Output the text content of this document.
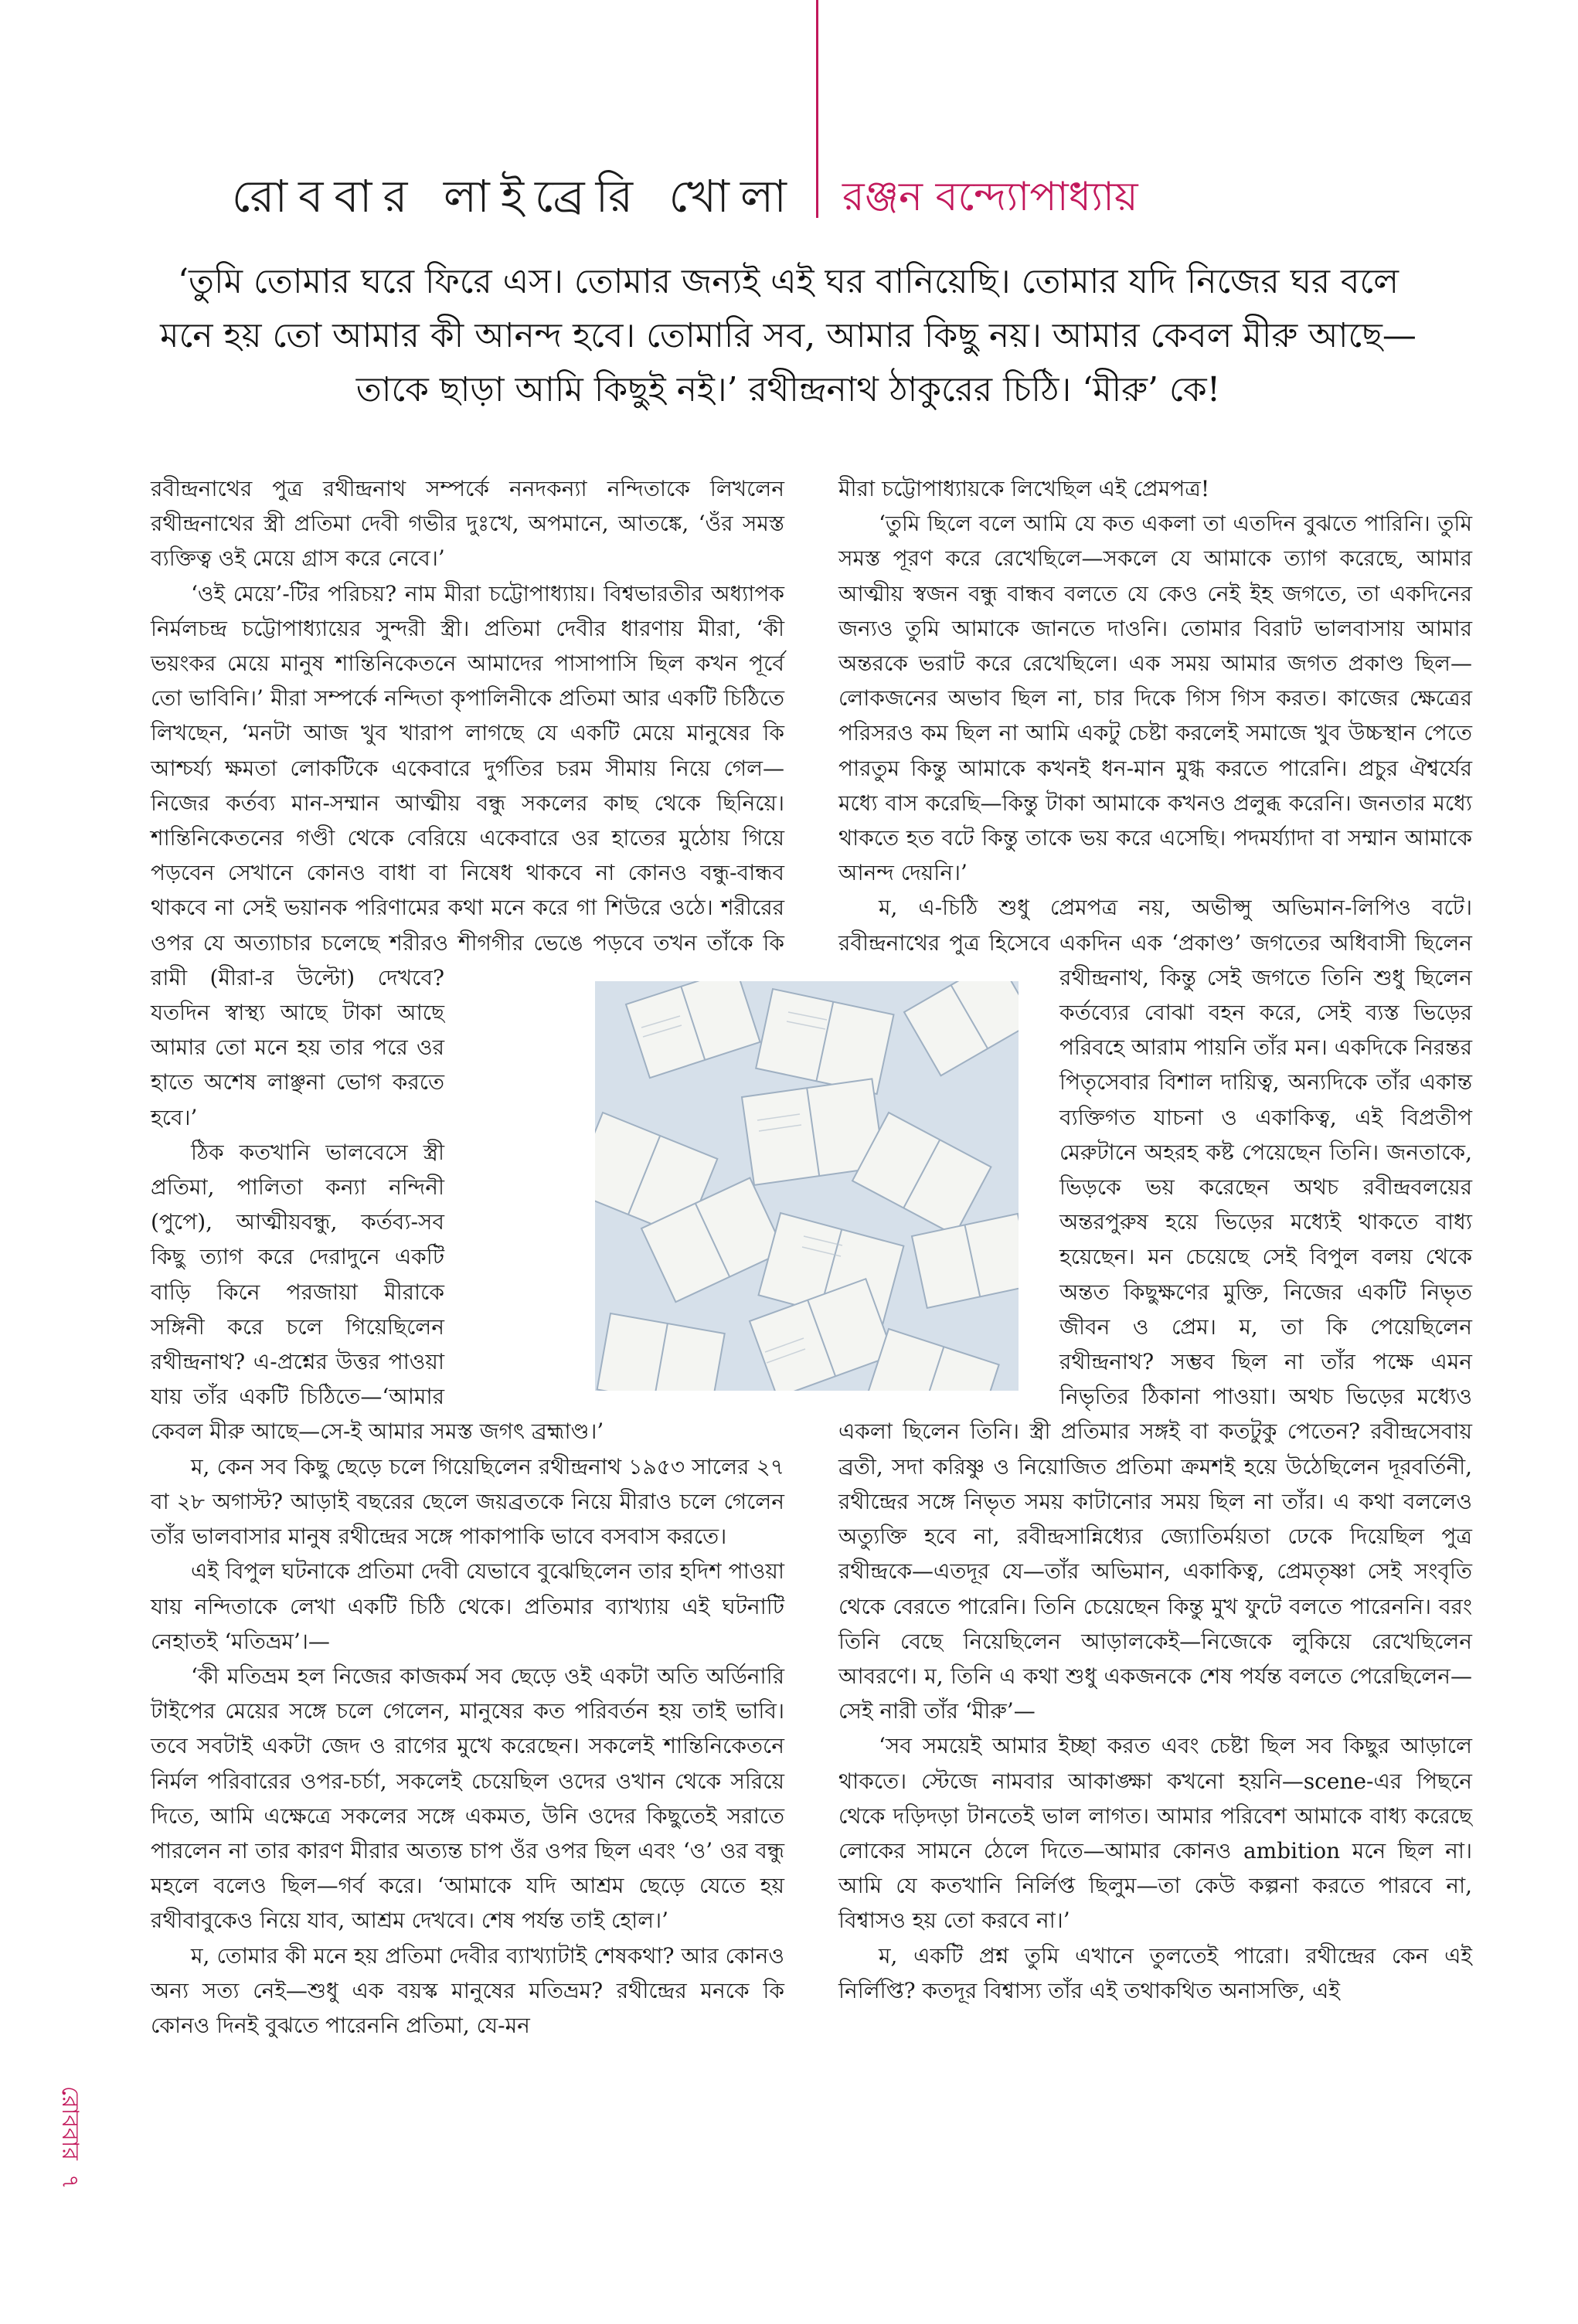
রোববার লাইব্রেরি খোলা রঞ্জন বন্দ্যোপাধ্যায়
‘তুমি তোমার ঘরে ফিরে এস। তোমার জন্যই এই ঘর বানিয়েছি। তোমার যদি নিজের ঘর বলে মনে হয় তো আমার কী আনন্দ হবে। তোমারি সব, আমার কিছু নয়। আমার কেবল মীরু আছে—তাকে ছাড়া আমি কিছুই নই।’ রথীন্দ্রনাথ ঠাকুরের চিঠি। ‘মীরু’ কে!

রবীন্দ্রনাথের পুত্র রথীন্দ্রনাথ সম্পর্কে ননদকন্যা নন্দিতাকে লিখলেন রথীন্দ্রনাথের স্ত্রী প্রতিমা দেবী গভীর দুঃখে, অপমানে, আতঙ্কে, ‘ওঁর সমস্ত ব্যক্তিত্ব ওই মেয়ে গ্রাস করে নেবে।’

‘ওই মেয়ে’-টির পরিচয়? নাম মীরা চট্টোপাধ্যায়। বিশ্বভারতীর অধ্যাপক নির্মলচন্দ্র চট্টোপাধ্যায়ের সুন্দরী স্ত্রী। প্রতিমা দেবীর ধারণায় মীরা, ‘কী ভয়ংকর মেয়ে মানুষ শান্তিনিকেতনে আমাদের পাসাপাসি ছিল কখন পূর্বে তো ভাবিনি।’ মীরা সম্পর্কে নন্দিতা কৃপালিনীকে প্রতিমা আর একটি চিঠিতে লিখছেন, ‘মনটা আজ খুব খারাপ লাগছে যে একটি মেয়ে মানুষের কি আশ্চর্য্য ক্ষমতা লোকটিকে একেবারে দুর্গতির চরম সীমায় নিয়ে গেল—নিজের কর্তব্য মান-সম্মান আত্মীয় বন্ধু সকলের কাছ থেকে ছিনিয়ে। শান্তিনিকেতনের গণ্ডী থেকে বেরিয়ে একেবারে ওর হাতের মুঠোয় গিয়ে পড়বেন সেখানে কোনও বাধা বা নিষেধ থাকবে না কোনও বন্ধু-বান্ধব থাকবে না সেই ভয়ানক পরিণামের কথা মনে করে গা শিউরে ওঠে। শরীরের ওপর যে অত্যাচার চলেছে শরীরও শীগগীর ভেঙে পড়বে তখন তাঁকে কি রামী (মীরা-র উল্টো) দেখবে? যতদিন স্বাস্থ্য আছে টাকা আছে আমার তো মনে হয় তার পরে ওর হাতে অশেষ লাঞ্ছনা ভোগ করতে হবে।’

ঠিক কতখানি ভালবেসে স্ত্রী প্রতিমা, পালিতা কন্যা নন্দিনী (পুপে), আত্মীয়বন্ধু, কর্তব্য-সব কিছু ত্যাগ করে দেরাদুনে একটি বাড়ি কিনে পরজায়া মীরাকে সঙ্গিনী করে চলে গিয়েছিলেন রথীন্দ্রনাথ? এ-প্রশ্নের উত্তর পাওয়া যায় তাঁর একটি চিঠিতে—‘আমার কেবল মীরু আছে—সে-ই আমার সমস্ত জগৎ ব্রহ্মাণ্ড।’

ম, কেন সব কিছু ছেড়ে চলে গিয়েছিলেন রথীন্দ্রনাথ ১৯৫৩ সালের ২৭ বা ২৮ অগাস্ট? আড়াই বছরের ছেলে জয়ব্রতকে নিয়ে মীরাও চলে গেলেন তাঁর ভালবাসার মানুষ রথীন্দ্রের সঙ্গে পাকাপাকি ভাবে বসবাস করতে।

এই বিপুল ঘটনাকে প্রতিমা দেবী যেভাবে বুঝেছিলেন তার হদিশ পাওয়া যায় নন্দিতাকে লেখা একটি চিঠি থেকে। প্রতিমার ব্যাখ্যায় এই ঘটনাটি নেহাতই ‘মতিভ্রম’।—

‘কী মতিভ্রম হল নিজের কাজকর্ম সব ছেড়ে ওই একটা অতি অর্ডিনারি টাইপের মেয়ের সঙ্গে চলে গেলেন, মানুষের কত পরিবর্তন হয় তাই ভাবি। তবে সবটাই একটা জেদ ও রাগের মুখে করেছেন। সকলেই শান্তিনিকেতনে নির্মল পরিবারের ওপর-চর্চা, সকলেই চেয়েছিল ওদের ওখান থেকে সরিয়ে দিতে, আমি এক্ষেত্রে সকলের সঙ্গে একমত, উনি ওদের কিছুতেই সরাতে পারলেন না তার কারণ মীরার অত্যন্ত চাপ ওঁর ওপর ছিল এবং ‘ও’ ওর বন্ধু মহলে বলেও ছিল—গর্ব করে। ‘আমাকে যদি আশ্রম ছেড়ে যেতে হয় রথীবাবুকেও নিয়ে যাব, আশ্রম দেখবে। শেষ পর্যন্ত তাই হোল।’

ম, তোমার কী মনে হয় প্রতিমা দেবীর ব্যাখ্যাটাই শেষকথা? আর কোনও অন্য সত্য নেই—শুধু এক বয়স্ক মানুষের মতিভ্রম? রথীন্দ্রের মনকে কি কোনও দিনই বুঝতে পারেননি প্রতিমা, যে-মন

মীরা চট্টোপাধ্যায়কে লিখেছিল এই প্রেমপত্র!

‘তুমি ছিলে বলে আমি যে কত একলা তা এতদিন বুঝতে পারিনি। তুমি সমস্ত পূরণ করে রেখেছিলে—সকলে যে আমাকে ত্যাগ করেছে, আমার আত্মীয় স্বজন বন্ধু বান্ধব বলতে যে কেও নেই ইহ জগতে, তা একদিনের জন্যও তুমি আমাকে জানতে দাওনি। তোমার বিরাট ভালবাসায় আমার অন্তরকে ভরাট করে রেখেছিলে। এক সময় আমার জগত প্রকাণ্ড ছিল—লোকজনের অভাব ছিল না, চার দিকে গিস গিস করত। কাজের ক্ষেত্রের পরিসরও কম ছিল না আমি একটু চেষ্টা করলেই সমাজে খুব উচ্চস্থান পেতে পারতুম কিন্তু আমাকে কখনই ধন-মান মুগ্ধ করতে পারেনি। প্রচুর ঐশ্বর্যের মধ্যে বাস করেছি—কিন্তু টাকা আমাকে কখনও প্রলুব্ধ করেনি। জনতার মধ্যে থাকতে হত বটে কিন্তু তাকে ভয় করে এসেছি। পদমর্য্যাদা বা সম্মান আমাকে আনন্দ দেয়নি।’

ম, এ-চিঠি শুধু প্রেমপত্র নয়, অভীপ্সু অভিমান-লিপিও বটে। রবীন্দ্রনাথের পুত্র হিসেবে একদিন এক ‘প্রকাণ্ড’ জগতের অধিবাসী ছিলেন রথীন্দ্রনাথ, কিন্তু সেই জগতে তিনি শুধু ছিলেন কর্তব্যের বোঝা বহন করে, সেই ব্যস্ত ভিড়ের পরিবহে আরাম পায়নি তাঁর মন। একদিকে নিরন্তর পিতৃসেবার বিশাল দায়িত্ব, অন্যদিকে তাঁর একান্ত ব্যক্তিগত যাচনা ও একাকিত্ব, এই বিপ্রতীপ মেরুটানে অহরহ কষ্ট পেয়েছেন তিনি। জনতাকে, ভিড়কে ভয় করেছেন অথচ রবীন্দ্রবলয়ের অন্তরপুরুষ হয়ে ভিড়ের মধ্যেই থাকতে বাধ্য হয়েছেন। মন চেয়েছে সেই বিপুল বলয় থেকে অন্তত কিছুক্ষণের মুক্তি, নিজের একটি নিভৃত জীবন ও প্রেম। ম, তা কি পেয়েছিলেন রথীন্দ্রনাথ? সম্ভব ছিল না তাঁর পক্ষে এমন নিভৃতির ঠিকানা পাওয়া। অথচ ভিড়ের মধ্যেও একলা ছিলেন তিনি। স্ত্রী প্রতিমার সঙ্গই বা কতটুকু পেতেন? রবীন্দ্রসেবায় ব্রতী, সদা করিষ্ণু ও নিয়োজিত প্রতিমা ক্রমশই হয়ে উঠেছিলেন দূরবর্তিনী, রথীন্দ্রের সঙ্গে নিভৃত সময় কাটানোর সময় ছিল না তাঁর। এ কথা বললেও অত্যুক্তি হবে না, রবীন্দ্রসান্নিধ্যের জ্যোতির্ময়তা ঢেকে দিয়েছিল পুত্র রথীন্দ্রকে—এতদূর যে—তাঁর অভিমান, একাকিত্ব, প্রেমতৃষ্ণা সেই সংবৃতি থেকে বেরতে পারেনি। তিনি চেয়েছেন কিন্তু মুখ ফুটে বলতে পারেননি। বরং তিনি বেছে নিয়েছিলেন আড়ালকেই—নিজেকে লুকিয়ে রেখেছিলেন আবরণে। ম, তিনি এ কথা শুধু একজনকে শেষ পর্যন্ত বলতে পেরেছিলেন—সেই নারী তাঁর ‘মীরু’—

‘সব সময়েই আমার ইচ্ছা করত এবং চেষ্টা ছিল সব কিছুর আড়ালে থাকতে। স্টেজে নামবার আকাঙ্ক্ষা কখনো হয়নি—scene-এর পিছনে থেকে দড়িদড়া টানতেই ভাল লাগত। আমার পরিবেশ আমাকে বাধ্য করেছে লোকের সামনে ঠেলে দিতে—আমার কোনও ambition মনে ছিল না। আমি যে কতখানি নির্লিপ্ত ছিলুম—তা কেউ কল্পনা করতে পারবে না, বিশ্বাসও হয় তো করবে না।’

ম, একটি প্রশ্ন তুমি এখানে তুলতেই পারো। রথীন্দ্রের কেন এই নির্লিপ্তি? কতদূর বিশ্বাস্য তাঁর এই তথাকথিত অনাসক্তি, এই

রোববার৭
